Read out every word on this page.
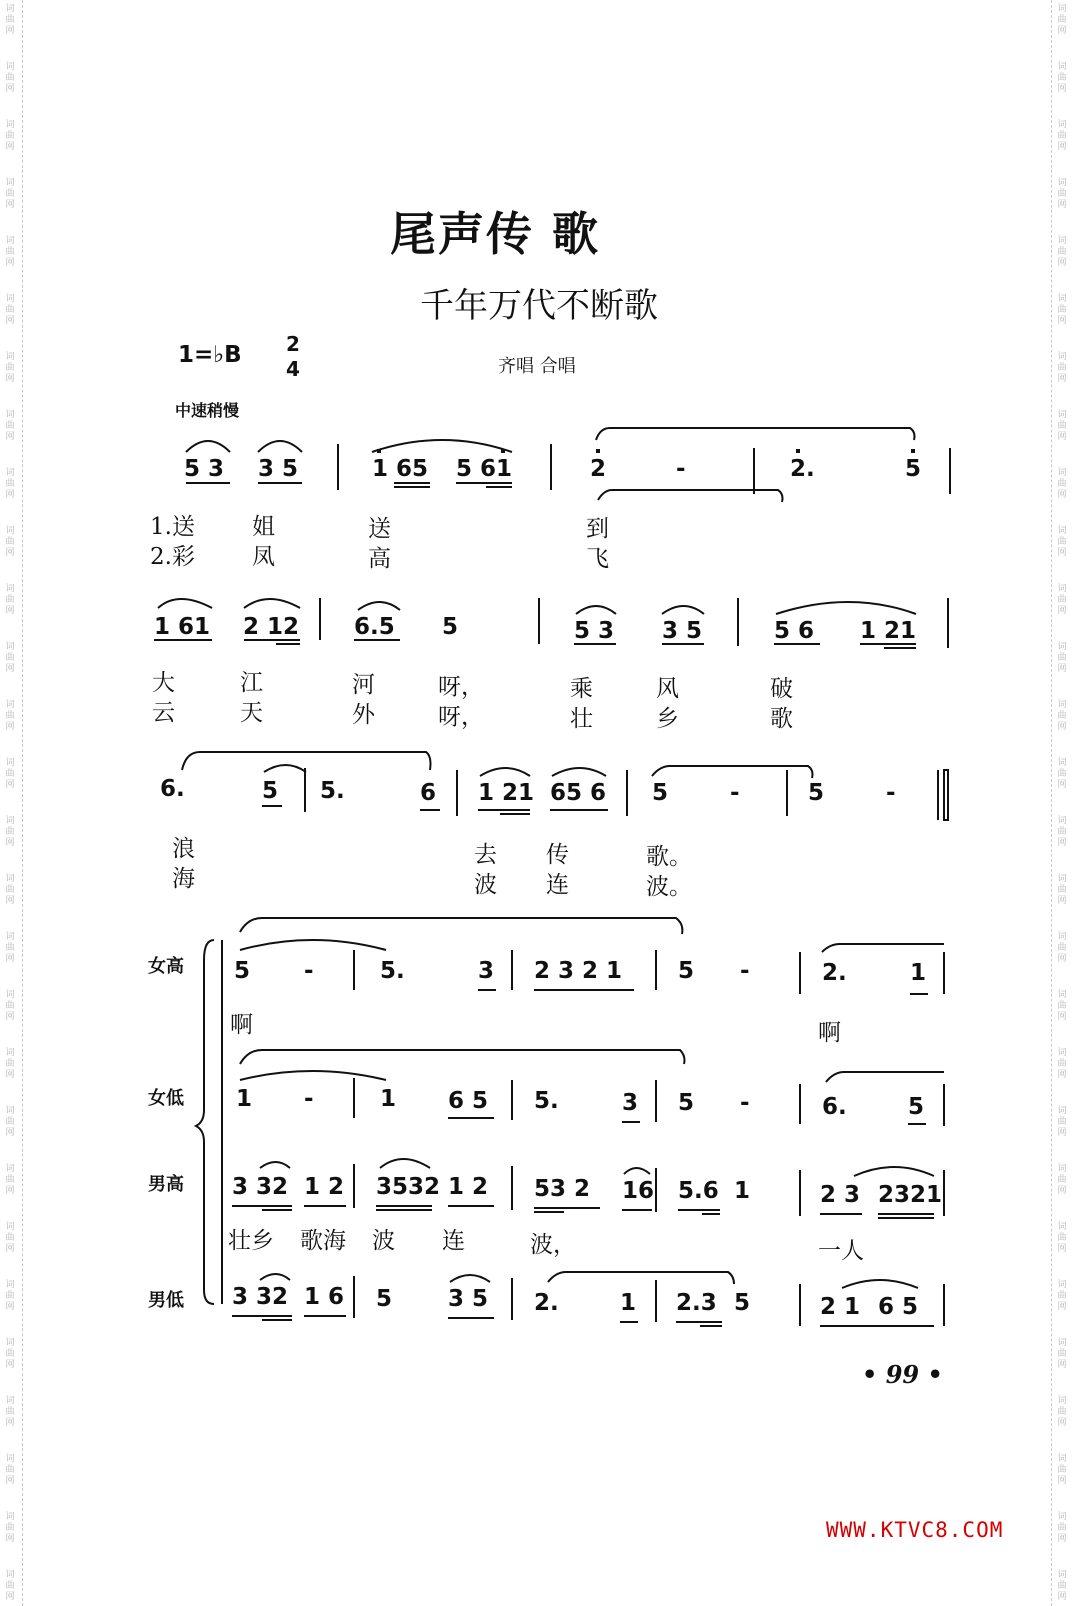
词
曲
网
词
曲
网
词
曲
网
词
曲
网
词
曲
网
词
曲
网
词
曲
网
词
曲
网
词
曲
网
词
曲
网
词
曲
网
词
曲
网
词
曲
网
词
曲
网
词
曲
网
词
曲
网
词
曲
网
词
曲
网
词
曲
网
词
曲
网
词
曲
网
词
曲
网
词
曲
网
词
曲
网
词
曲
网
词
曲
网
词
曲
网
词
曲
网
词
曲
网
词
曲
网
词
曲
网
词
曲
网
词
曲
网
词
曲
网
词
曲
网
词
曲
网
词
曲
网
词
曲
网
词
曲
网
词
曲
网
词
曲
网
词
曲
网
词
曲
网
词
曲
网
词
曲
网
词
曲
网
词
曲
网
词
曲
网
词
曲
网
词
曲
网
词
曲
网
词
曲
网
词
曲
网
词
曲
网
词
曲
网
词
曲
网
尾声传 歌
千年万代不断歌
1=♭B 2
4	齐唱 合唱
中速稍慢
5 3 3 5	1 65 5 61	2	-	2.	5
1.送 姐	送	到
2.彩 凤	高	飞
1 61 2 12 6.5 5	5 3 3 5	5 6 1 21
大	江	河	呀，	乘	风	破
云	天	外	呀，	壮	乡	歌
6.	5 5.	6 1 21 65 6 5	-	5	-
浪	去 传	歌。
海	波 连	波。
女高
女低
男高
男低
5 -	5.	3 2 3 2 1 5 -	2.	1
啊	啊
1 -	1 6 5 5.	3 5 -	6.	5
3 32 1 2 3532 1 2 53 2 16 5.6 1	2 3 2321
壮乡 歌海 波 连	波，	一人
3 32 1 6 5 3 5 2.	1 2.3 5	2 1 6 5
• 99 •
WWW.KTVC8.COM
